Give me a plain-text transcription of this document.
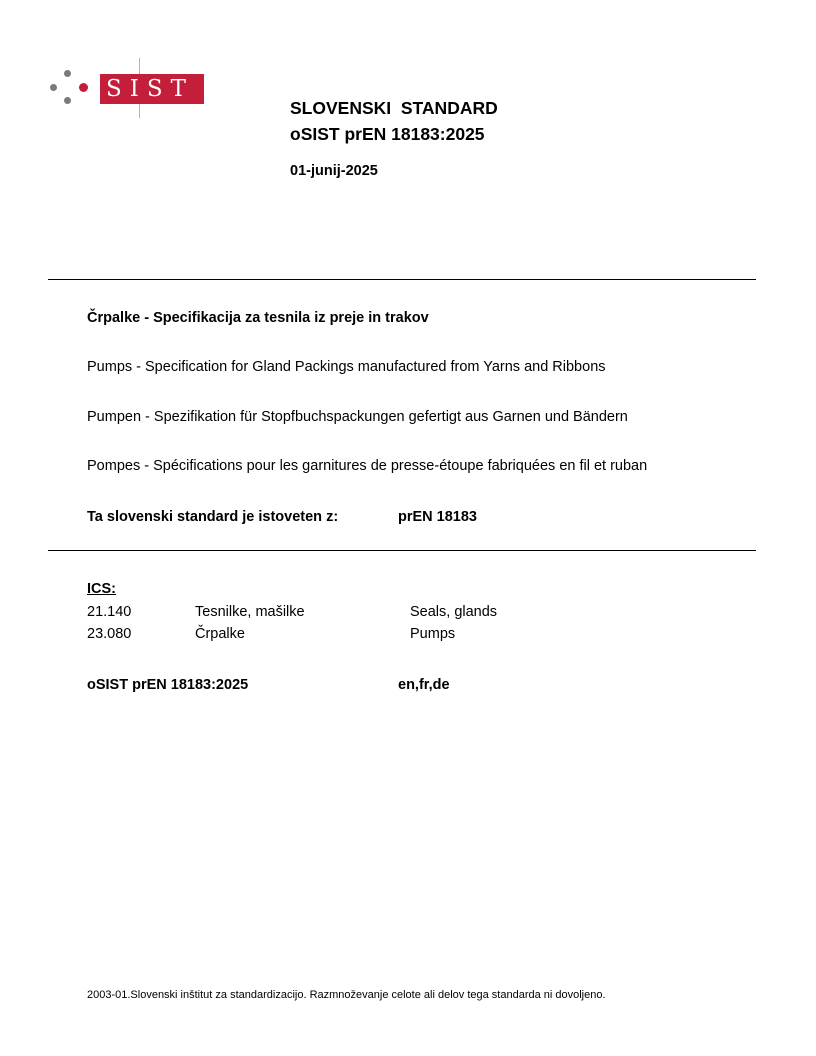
SIST
SLOVENSKI  STANDARD
oSIST prEN 18183:2025
01-junij-2025
Črpalke - Specifikacija za tesnila iz preje in trakov
Pumps - Specification for Gland Packings manufactured from Yarns and Ribbons
Pumpen - Spezifikation für Stopfbuchspackungen gefertigt aus Garnen und Bändern
Pompes - Spécifications pour les garnitures de presse-étoupe fabriquées en fil et ruban
Ta slovenski standard je istoveten z:	prEN 18183
ICS:
21.140	Tesnilke, mašilke	Seals, glands
23.080	Črpalke	Pumps
oSIST prEN 18183:2025	en,fr,de
2003-01.Slovenski inštitut za standardizacijo. Razmnoževanje celote ali delov tega standarda ni dovoljeno.
